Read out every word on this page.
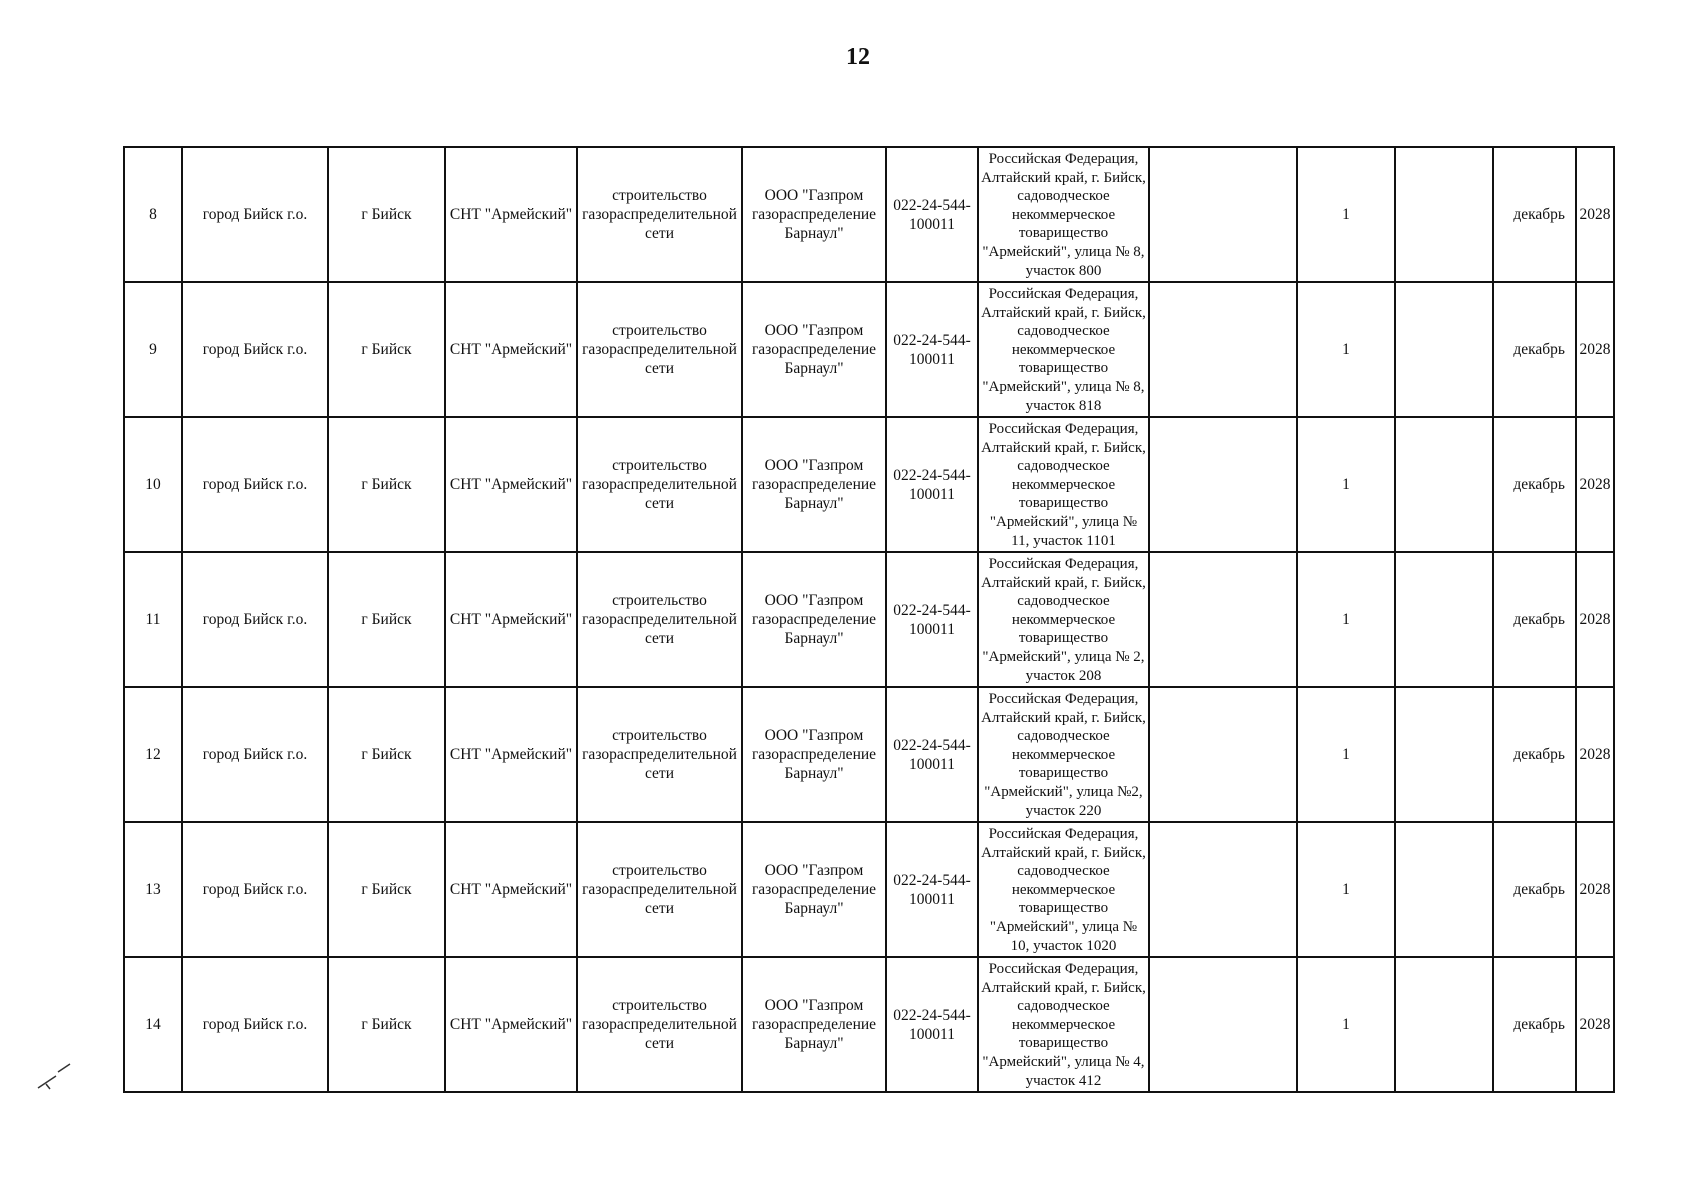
12
8	город Бийск г.о.	г Бийск	СНТ "Армейский"	строительство газораспределительной сети	ООО "Газпром газораспределение Барнаул"	022-24-544-100011	Российская Федерация, Алтайский край, г. Бийск, садоводческое некоммерческое товарищество "Армейский", улица № 8, участок 800		1		декабрь	2028
9	город Бийск г.о.	г Бийск	СНТ "Армейский"	строительство газораспределительной сети	ООО "Газпром газораспределение Барнаул"	022-24-544-100011	Российская Федерация, Алтайский край, г. Бийск, садоводческое некоммерческое товарищество "Армейский", улица № 8, участок 818		1		декабрь	2028
10	город Бийск г.о.	г Бийск	СНТ "Армейский"	строительство газораспределительной сети	ООО "Газпром газораспределение Барнаул"	022-24-544-100011	Российская Федерация, Алтайский край, г. Бийск, садоводческое некоммерческое товарищество "Армейский", улица № 11, участок 1101		1		декабрь	2028
11	город Бийск г.о.	г Бийск	СНТ "Армейский"	строительство газораспределительной сети	ООО "Газпром газораспределение Барнаул"	022-24-544-100011	Российская Федерация, Алтайский край, г. Бийск, садоводческое некоммерческое товарищество "Армейский", улица № 2, участок 208		1		декабрь	2028
12	город Бийск г.о.	г Бийск	СНТ "Армейский"	строительство газораспределительной сети	ООО "Газпром газораспределение Барнаул"	022-24-544-100011	Российская Федерация, Алтайский край, г. Бийск, садоводческое некоммерческое товарищество "Армейский", улица №2, участок 220		1		декабрь	2028
13	город Бийск г.о.	г Бийск	СНТ "Армейский"	строительство газораспределительной сети	ООО "Газпром газораспределение Барнаул"	022-24-544-100011	Российская Федерация, Алтайский край, г. Бийск, садоводческое некоммерческое товарищество "Армейский", улица № 10, участок 1020		1		декабрь	2028
14	город Бийск г.о.	г Бийск	СНТ "Армейский"	строительство газораспределительной сети	ООО "Газпром газораспределение Барнаул"	022-24-544-100011	Российская Федерация, Алтайский край, г. Бийск, садоводческое некоммерческое товарищество "Армейский", улица № 4, участок 412		1		декабрь	2028
